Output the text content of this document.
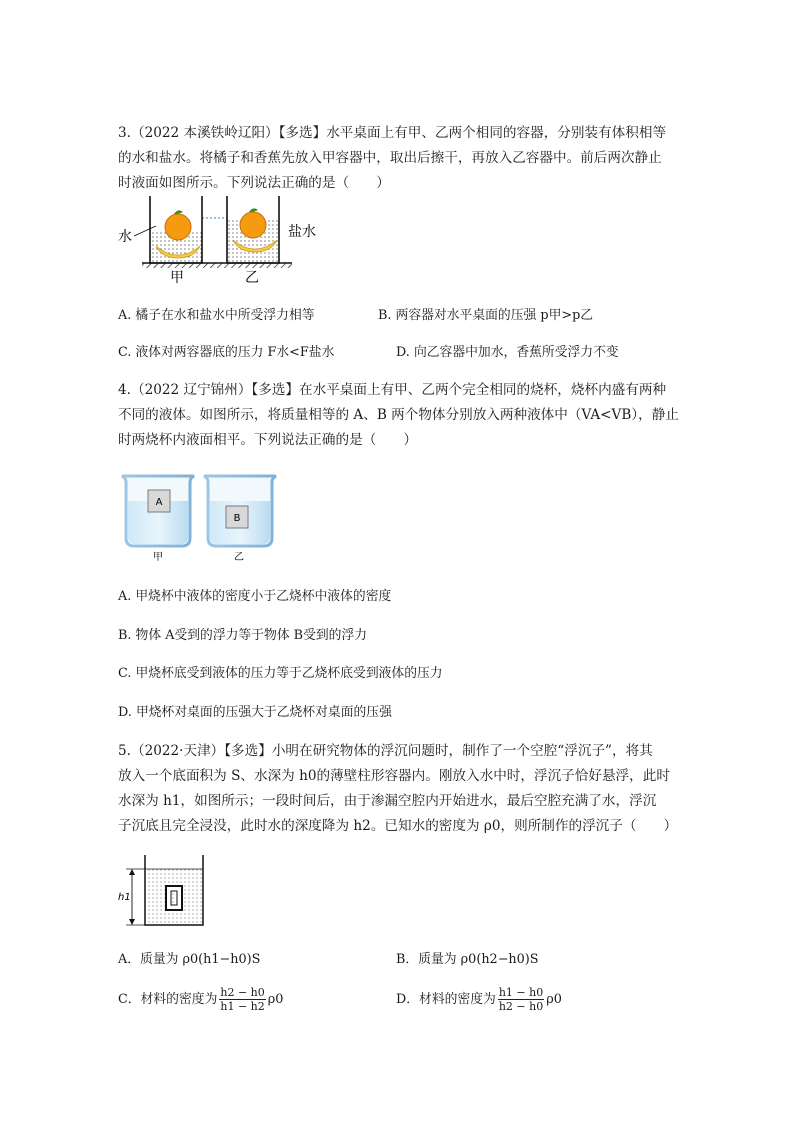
3.（2022 本溪铁岭辽阳）【多选】水平桌面上有甲、乙两个相同的容器，分别装有体积相等
的水和盐水。将橘子和香蕉先放入甲容器中，取出后擦干，再放入乙容器中。前后两次静止
时液面如图所示。下列说法正确的是（　　）
水	盐水
甲	乙
A. 橘子在水和盐水中所受浮力相等	B. 两容器对水平桌面的压强 p甲>p乙
C. 液体对两容器底的压力 F水<F盐水	D. 向乙容器中加水，香蕉所受浮力不变
4.（2022 辽宁锦州）【多选】在水平桌面上有甲、乙两个完全相同的烧杯，烧杯内盛有两种
不同的液体。如图所示，将质量相等的 A、B 两个物体分别放入两种液体中（VA<VB），静止
时两烧杯内液面相平。下列说法正确的是（　　）
A
B
甲	乙
A. 甲烧杯中液体的密度小于乙烧杯中液体的密度
B. 物体 A受到的浮力等于物体 B受到的浮力
C. 甲烧杯底受到液体的压力等于乙烧杯底受到液体的压力
D. 甲烧杯对桌面的压强大于乙烧杯对桌面的压强
5.（2022·天津）【多选】小明在研究物体的浮沉问题时，制作了一个空腔“浮沉子”，将其
放入一个底面积为 S、水深为 h0的薄壁柱形容器内。刚放入水中时，浮沉子恰好悬浮，此时
水深为 h1，如图所示；一段时间后，由于渗漏空腔内开始进水，最后空腔充满了水，浮沉
子沉底且完全浸没，此时水的深度降为 h2。已知水的密度为 ρ0，则所制作的浮沉子（　　）
h1
A．质量为 ρ0(h1−h0)S	B．质量为 ρ0(h2−h0)S
C．材料的密度为 $\frac{h2 - h0}{h1 - h2} \rho 0$	D．材料的密度为 $\frac{h1 - h0}{h2 - h0} \rho 0$
